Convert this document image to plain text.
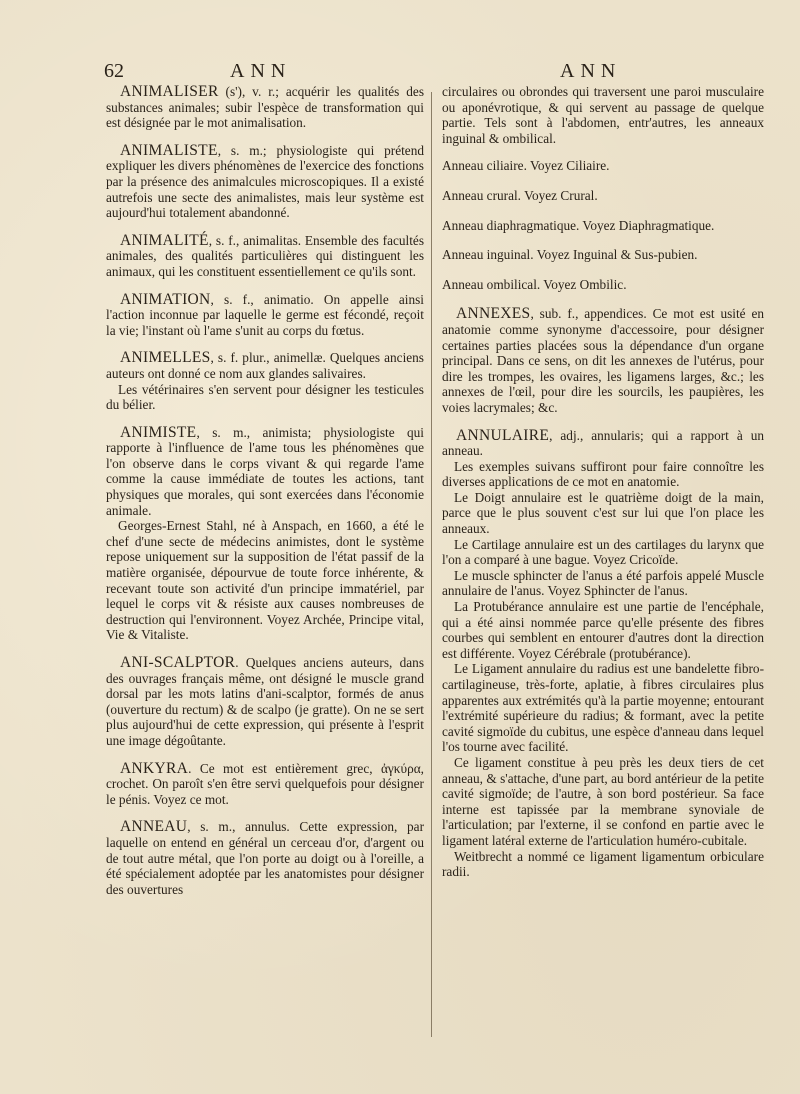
62	ANN	ANN

ANIMALISER (s'), v. r.; acquérir les qualités des substances animales; subir l'espèce de transformation qui est désignée par le mot animalisation.

ANIMALISTE, s. m.; physiologiste qui prétend expliquer les divers phénomènes de l'exercice des fonctions par la présence des animalcules microscopiques. Il a existé autrefois une secte des animalistes, mais leur système est aujourd'hui totalement abandonné.

ANIMALITÉ, s. f., animalitas. Ensemble des facultés animales, des qualités particulières qui distinguent les animaux, qui les constituent essentiellement ce qu'ils sont.

ANIMATION, s. f., animatio. On appelle ainsi l'action inconnue par laquelle le germe est fécondé, reçoit la vie; l'instant où l'ame s'unit au corps du fœtus.

ANIMELLES, s. f. plur., animellæ. Quelques anciens auteurs ont donné ce nom aux glandes salivaires.

Les vétérinaires s'en servent pour désigner les testicules du bélier.

ANIMISTE, s. m., animista; physiologiste qui rapporte à l'influence de l'ame tous les phénomènes que l'on observe dans le corps vivant & qui regarde l'ame comme la cause immédiate de toutes les actions, tant physiques que morales, qui sont exercées dans l'économie animale.

Georges-Ernest Stahl, né à Anspach, en 1660, a été le chef d'une secte de médecins animistes, dont le système repose uniquement sur la supposition de l'état passif de la matière organisée, dépourvue de toute force inhérente, & recevant toute son activité d'un principe immatériel, par lequel le corps vit & résiste aux causes nombreuses de destruction qui l'environnent. Voyez Archée, Principe vital, Vie & Vitaliste.

ANI-SCALPTOR. Quelques anciens auteurs, dans des ouvrages français même, ont désigné le muscle grand dorsal par les mots latins d'ani-scalptor, formés de anus (ouverture du rectum) & de scalpo (je gratte). On ne se sert plus aujourd'hui de cette expression, qui présente à l'esprit une image dégoûtante.

ANKYRA. Ce mot est entièrement grec, ἀγκύρα, crochet. On paroît s'en être servi quelquefois pour désigner le pénis. Voyez ce mot.

ANNEAU, s. m., annulus. Cette expression, par laquelle on entend en général un cerceau d'or, d'argent ou de tout autre métal, que l'on porte au doigt ou à l'oreille, a été spécialement adoptée par les anatomistes pour désigner des ouvertures

circulaires ou obrondes qui traversent une paroi musculaire ou aponévrotique, & qui servent au passage de quelque partie. Tels sont à l'abdomen, entr'autres, les anneaux inguinal & ombilical.

Anneau ciliaire. Voyez Ciliaire.

Anneau crural. Voyez Crural.

Anneau diaphragmatique. Voyez Diaphragmatique.

Anneau inguinal. Voyez Inguinal & Sus-pubien.

Anneau ombilical. Voyez Ombilic.

ANNEXES, sub. f., appendices. Ce mot est usité en anatomie comme synonyme d'accessoire, pour désigner certaines parties placées sous la dépendance d'un organe principal. Dans ce sens, on dit les annexes de l'utérus, pour dire les trompes, les ovaires, les ligamens larges, &c.; les annexes de l'œil, pour dire les sourcils, les paupières, les voies lacrymales; &c.

ANNULAIRE, adj., annularis; qui a rapport à un anneau.

Les exemples suivans suffiront pour faire connoître les diverses applications de ce mot en anatomie.

Le Doigt annulaire est le quatrième doigt de la main, parce que le plus souvent c'est sur lui que l'on place les anneaux.

Le Cartilage annulaire est un des cartilages du larynx que l'on a comparé à une bague. Voyez Cricoïde.

Le muscle sphincter de l'anus a été parfois appelé Muscle annulaire de l'anus. Voyez Sphincter de l'anus.

La Protubérance annulaire est une partie de l'encéphale, qui a été ainsi nommée parce qu'elle présente des fibres courbes qui semblent en entourer d'autres dont la direction est différente. Voyez Cérébrale (protubérance).

Le Ligament annulaire du radius est une bandelette fibro-cartilagineuse, très-forte, aplatie, à fibres circulaires plus apparentes aux extrémités qu'à la partie moyenne; entourant l'extrémité supérieure du radius; & formant, avec la petite cavité sigmoïde du cubitus, une espèce d'anneau dans lequel l'os tourne avec facilité.

Ce ligament constitue à peu près les deux tiers de cet anneau, & s'attache, d'une part, au bord antérieur de la petite cavité sigmoïde; de l'autre, à son bord postérieur. Sa face interne est tapissée par la membrane synoviale de l'articulation; par l'externe, il se confond en partie avec le ligament latéral externe de l'articulation huméro-cubitale.

Weitbrecht a nommé ce ligament ligamentum orbiculare radii.
